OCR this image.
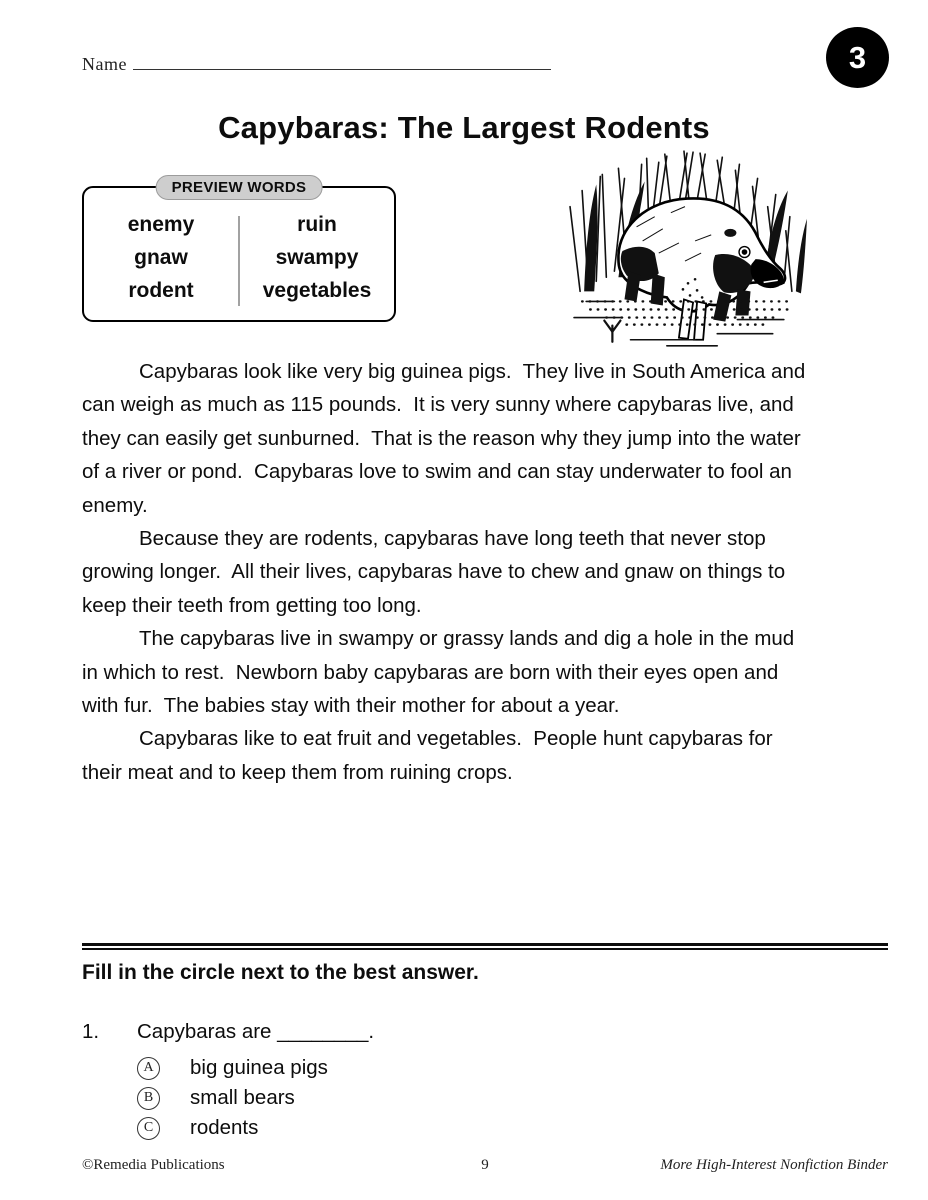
Name	3
Capybaras: The Largest Rodents
PREVIEW WORDS
enemy
gnaw
rodent
ruin
swampy
vegetables
Capybaras look like very big guinea pigs.  They live in South America and
can weigh as much as 115 pounds.  It is very sunny where capybaras live, and
they can easily get sunburned.  That is the reason why they jump into the water
of a river or pond.  Capybaras love to swim and can stay underwater to fool an
enemy.
Because they are rodents, capybaras have long teeth that never stop
growing longer.  All their lives, capybaras have to chew and gnaw on things to
keep their teeth from getting too long.
The capybaras live in swampy or grassy lands and dig a hole in the mud
in which to rest.  Newborn baby capybaras are born with their eyes open and
with fur.  The babies stay with their mother for about a year.
Capybaras like to eat fruit and vegetables.  People hunt capybaras for
their meat and to keep them from ruining crops.
Fill in the circle next to the best answer.
1.	Capybaras are ________.
A	big guinea pigs
B	small bears
C	rodents
©Remedia Publications	9	More High-Interest Nonfiction Binder
